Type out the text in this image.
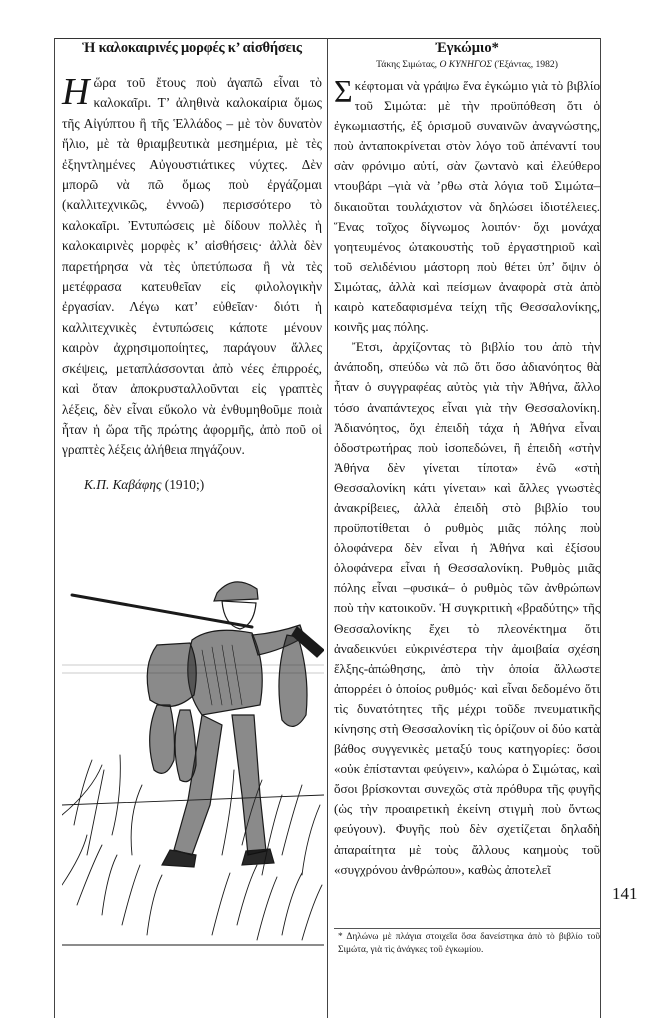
Ἡ καλοκαιρινές μορφές κ’ αἰσθήσεις

Ηὥρα τοῦ ἔτους ποὺ ἀγαπῶ εἶναι τὸ καλοκαῖρι. Τ’ ἀληθινὰ καλοκαίρια ὅμως τῆς Αἰγύπτου ἢ τῆς Ἑλλάδος – μὲ τὸν δυνατὸν ἥλιο, μὲ τὰ θριαμβευτικὰ μεσημέρια, μὲ τὲς ἐξηντλημένες Αὐγουστιάτικες νύχτες. Δὲν μπορῶ νὰ πῶ ὅμως ποὺ ἐργάζομαι (καλλιτεχνικῶς, ἐννοῶ) περισσότερο τὸ καλοκαῖρι. Ἐντυπώσεις μὲ δίδουν πολλὲς ἡ καλοκαιρινὲς μορφὲς κ’ αἰσθήσεις· ἀλλὰ δὲν παρετήρησα νὰ τὲς ὑπετύπωσα ἢ νὰ τὲς μετέφρασα κατευθεῖαν εἰς φιλολογικὴν ἐργασίαν. Λέγω κατ’ εὐθεῖαν· διότι ἡ καλλιτεχνικὲς ἐντυπώσεις κάποτε μένουν καιρὸν ἀχρησιμοποίητες, παράγουν ἄλλες σκέψεις, μεταπλάσσονται ἀπὸ νέες ἐπιρροές, καὶ ὅταν ἀποκρυσταλλοῦνται εἰς γραπτὲς λέξεις, δὲν εἶναι εὔκολο νὰ ἐνθυμηθοῦμε ποιὰ ἦταν ἡ ὥρα τῆς πρώτης ἀφορμῆς, ἀπὸ ποῦ οἱ γραπτὲς λέξεις ἀλήθεια πηγάζουν.

Κ.Π. Καβάφης (1910;)

Ἐγκώμιο*

Τάκης Σιμώτας, Ο ΚΥΝΗΓΟΣ (Ἐξάντας, 1982)

Σκέφτομαι νὰ γράψω ἕνα ἐγκώμιο γιὰ τὸ βιβλίο τοῦ Σιμώτα: μὲ τὴν προϋπόθεση ὅτι ὁ ἐγκωμιαστής, ἐξ ὁρισμοῦ συναινῶν ἀναγνώστης, ποὺ ἀνταποκρίνεται στὸν λόγο τοῦ ἀπέναντί του σὰν φρόνιμο αὐτί, σὰν ζωντανὸ καὶ ἐλεύθερο ντουβάρι –γιὰ νὰ ’ρθω στὰ λόγια τοῦ Σιμώτα– δικαιοῦται τουλάχιστον νὰ δηλώσει ἰδιοτέλειες. Ἕνας τοῖχος δίγνωμος λοιπόν· ὄχι μονάχα γοητευμένος ὠτακουστὴς τοῦ ἐργαστηριοῦ καὶ τοῦ σελιδένιου μάστορη ποὺ θέτει ὑπ’ ὄψιν ὁ Σιμώτας, ἀλλὰ καὶ πείσμων ἀναφορὰ στὰ ἀπὸ καιρὸ κατεδαφισμένα τείχη τῆς Θεσσαλονίκης, κοινῆς μας πόλης.

Ἔτσι, ἀρχίζοντας τὸ βιβλίο του ἀπὸ τὴν ἀνάποδη, σπεύδω νὰ πῶ ὅτι ὅσο ἀδιανόητος θὰ ἦταν ὁ συγγραφέας αὐτὸς γιὰ τὴν Ἀθήνα, ἄλλο τόσο ἀναπάντεχος εἶναι γιὰ τὴν Θεσσαλονίκη. Ἀδιανόητος, ὄχι ἐπειδὴ τάχα ἡ Ἀθήνα εἶναι ὁδοστρωτήρας ποὺ ἰσοπεδώνει, ἢ ἐπειδὴ «στὴν Ἀθήνα δὲν γίνεται τίποτα» ἐνῶ «στὴ Θεσσαλονίκη κάτι γίνεται» καὶ ἄλλες γνωστὲς ἀνακρίβειες, ἀλλὰ ἐπειδὴ στὸ βιβλίο του προϋποτίθεται ὁ ρυθμὸς μιᾶς πόλης ποὺ ὁλοφάνερα δὲν εἶναι ἡ Ἀθήνα καὶ ἐξίσου ὁλοφάνερα εἶναι ἡ Θεσσαλονίκη. Ρυθμὸς μιᾶς πόλης εἶναι –φυσικά– ὁ ρυθμὸς τῶν ἀνθρώπων ποὺ τὴν κατοικοῦν. Ἡ συγκριτικὴ «βραδύτης» τῆς Θεσσαλονίκης ἔχει τὸ πλεονέκτημα ὅτι ἀναδεικνύει εὐκρινέστερα τὴν ἀμοιβαία σχέση ἕλξης-ἀπώθησης, ἀπὸ τὴν ὁποία ἄλλωστε ἀπορρέει ὁ ὁποίος ρυθμός· καὶ εἶναι δεδομένο ὅτι τὶς δυνατότητες τῆς μέχρι τοῦδε πνευματικῆς κίνησης στὴ Θεσσαλονίκη τὶς ὁρίζουν οἱ δύο κατὰ βάθος συγγενικὲς μεταξύ τους κατηγορίες: ὅσοι «οὐκ ἐπίστανται φεύγειν», καλώρα ὁ Σιμώτας, καὶ ὅσοι βρίσκονται συνεχῶς στὰ πρόθυρα τῆς φυγῆς (ὡς τὴν προαιρετικὴ ἐκείνη στιγμὴ ποὺ ὄντως φεύγουν). Φυγῆς ποὺ δὲν σχετίζεται δηλαδὴ ἀπαραίτητα μὲ τοὺς ἄλλους καημοὺς τοῦ «συγχρόνου ἀνθρώπου», καθὼς ἀποτελεῖ

* Δηλώνω μὲ πλάγια στοιχεῖα ὅσα δανείστηκα ἀπὸ τὸ βιβλίο τοῦ Σιμώτα, γιὰ τὶς ἀνάγκες τοῦ ἐγκωμίου.

141
